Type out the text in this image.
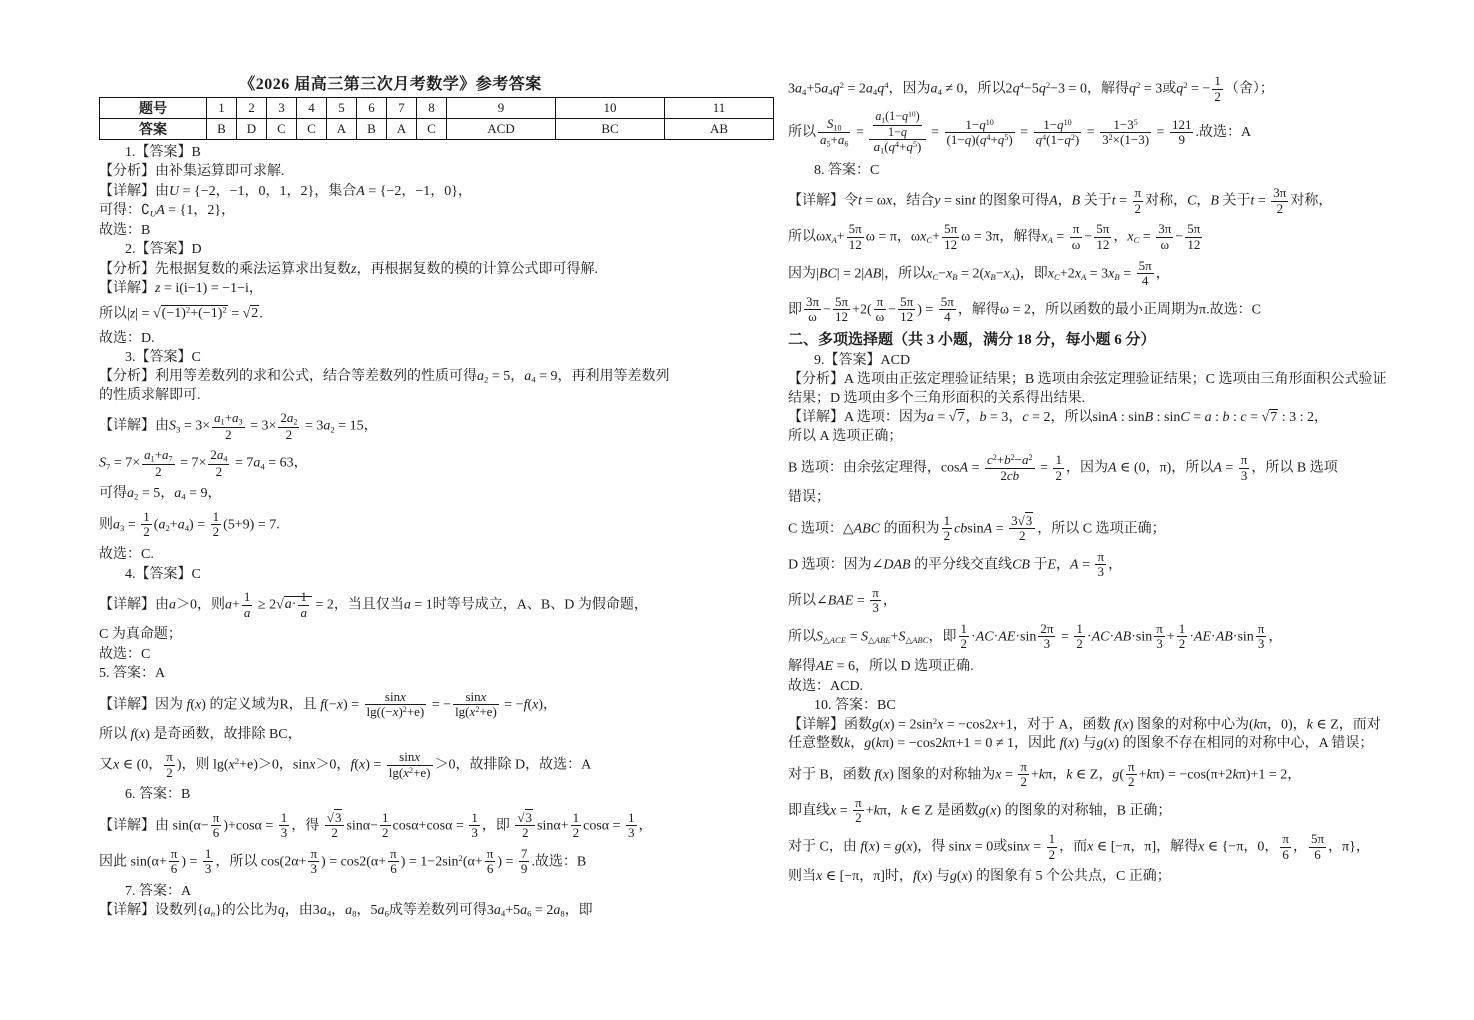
《2026 届高三第三次月考数学》参考答案
题号	1	2	3	4	5	6	7	8	9	10	11
答案	B	D	C	C	A	B	A	C	ACD	BC	AB
1.【答案】B
【分析】由补集运算即可求解.
【详解】由U = {−2，−1，0，1，2}，集合A = {−2，−1，0}，
可得：$∁_UA = \{1$，2}，
故选：B
2.【答案】D
【分析】先根据复数的乘法运算求出复数z，再根据复数的模的计算公式即可得解.
【详解】z = i(i−1) = −1−i，
所以$|z| = √(-1)^2+(-1)^2 = √2$.
故选：D.
3.【答案】C
【分析】利用等差数列的求和公式，结合等差数列的性质可得$a_2 = 5$，$a_4 = 9$，再利用等差数列的性质求解即可.
【详解】由$S_3 = 3\times \frac{a_1+a_3}{2} = 3\times \frac{2a_2}{2} = 3a_2 = 15$，
$S_7 = 7\times \frac{a_1+a_7}{2} = 7\times \frac{2a_4}{2} = 7a_4 = 63$，
可得$a_2 = 5$，$a_4 = 9$，
则$a_3 = \frac{1}{2} (a_2+a_4) = \frac{1}{2} (5+9) = 7$.
故选：C.
4.【答案】C
【详解】由a＞0，则$a+ \frac{1}{a} \ge 2√a\cdot \frac{1}{a} = 2$，当且仅当a = 1时等号成立，A、B、D 为假命题，
C 为真命题；
故选：C
5. 答案：A
【详解】因为 f(x) 的定义域为R，且 $f(-x) = \frac{\sin x}{\lg((-x)^2+e)}$ = − $\frac{\sin x}{\lg(x^2+e)} = -f(x)$，
所以 f(x) 是奇函数，故排除 BC，
又x ∈ (0， $\frac{\pi}{2}$ )，则 $\lg(x^2+e)>0$，sinx＞0，$f(x) = \frac{\sin x}{\lg(x^2+e)} >0$，故排除 D，故选：A
6. 答案：B
【详解】由 $\sin(\alpha- \frac{\pi}{6} )+\cos\alpha = \frac{1}{3}$ ，得 $\frac{√3}{2} \sin\alpha- \frac{1}{2} \cos\alpha+\cos\alpha = \frac{1}{3}$ ，即 $\frac{√3}{2} \sin\alpha+ \frac{1}{2}$ $\cos\alpha = \frac{1}{3}$ ，
因此 $\sin(\alpha+ \frac{\pi}{6}$ ) = $\frac{1}{3}$ ，所以 $\cos(2\alpha+ \frac{\pi}{3}$ ) = $\cos 2(\alpha+ \frac{\pi}{6}$ ) = $1-2\sin^2(\alpha+ \frac{\pi}{6}$ ) = $\frac{7}{9}$ .故选：B
7. 答案：A
【详解】设数列$\{a_n\}$的公比为q，由$3a_4$，$a_8$，$5a_6$成等差数列可得$3a_4+5a_6 = 2a_8$，即
$3a_4+5a_4q^2 = 2a_4q^4$，因为$a_4 \ne 0$，所以$2q^4-5q^2-3 = 0$，解得$q^2 = 3$或$q^2$ = − $\frac{1}{2}$ （舍）；
所以 $\frac{S_{10}}{a_5+a_6} = \frac{\frac{a_1(1-q^{10})}{1-q}}{a_1(q^4+q^5)} = \frac{1-q^{10}}{(1-q)(q^4+q^5)} = \frac{1-q^{10}}{q^4(1-q^2)} = \frac{1-3^5}{3^2\times(1-3)} = \frac{121}{9}$ .故选：A
8. 答案：C
【详解】令t = ωx，结合y = sint 的图象可得A，B 关于$t = \frac{\pi}{2}$ 对称，C，B 关于$t = \frac{3\pi}{2}$ 对称，
所以$\omega x_A+ \frac{5\pi}{12}$ ω = π，$\omega x_C+ \frac{5\pi}{12}$ ω = 3π，解得$x_A = \frac{\pi}{\omega} - \frac{5\pi}{12}$ ，$x_C = \frac{3\pi}{\omega} - \frac{5\pi}{12}$
因为|BC| = 2|AB|，所以$x_C-x_B = 2(x_B-x_A)$，即$x_C+2x_A = 3x_B = \frac{5\pi}{4}$ ，
即 $\frac{3\pi}{\omega} - \frac{5\pi}{12} +2( \frac{\pi}{\omega} - \frac{5\pi}{12}$ ) = $\frac{5\pi}{4}$ ，解得ω = 2，所以函数的最小正周期为π.故选：C
二、多项选择题（共 3 小题，满分 18 分，每小题 6 分）
9.【答案】ACD
【分析】A 选项由正弦定理验证结果；B 选项由余弦定理验证结果；C 选项由三角形面积公式验证结果；D 选项由多个三角形面积的关系得出结果.
【详解】A 选项：因为a = √7，b = 3，c = 2，所以sinA : sinB : sinC = a : b : c = √7 : 3 : 2，
所以 A 选项正确；
B 选项：由余弦定理得，$\cos A = \frac{c^2+b^2-a^2}{2cb} = \frac{1}{2}$ ，因为A ∈ (0，π)，所以$A = \frac{\pi}{3}$ ，所以 B 选项
错误；
C 选项：△ABC 的面积为 $\frac{1}{2}$ $cbsinA = \frac{3√3}{2}$ ，所以 C 选项正确；
D 选项：因为∠DAB 的平分线交直线CB 于E，$A = \frac{\pi}{3}$ ，
所以∠BAE = $\frac{\pi}{3}$ ，
所以$S_{\triangle ACE} = S_{\triangle ABE}+S_{\triangle ABC}$，即 $\frac{1}{2} \cdot AC\cdot AE\cdot\sin \frac{2\pi}{3} = \frac{1}{2} \cdot AC\cdot AB\cdot\sin \frac{\pi}{3} + \frac{1}{2} \cdot AE\cdot AB\cdot\sin \frac{\pi}{3}$ ，
解得AE = 6，所以 D 选项正确.
故选：ACD.
10. 答案：BC
【详解】函数$g(x) = 2\sin^2x = -\cos 2x+1$，对于 A，函数 f(x) 图象的对称中心为(kπ，0)，k ∈ Z，而对任意整数k，g(kπ) = −cos2kπ+1 = 0 ≠ 1，因此 f(x) 与g(x) 的图象不存在相同的对称中心，A 错误；
对于 B，函数 f(x) 图象的对称轴为$x = \frac{\pi}{2} +k\pi$，k ∈ Z，$g( \frac{\pi}{2} +k\pi) = -\cos(\pi+2k\pi)+1 = 2$，
即直线$x = \frac{\pi}{2} +k\pi$，k ∈ Z 是函数g(x) 的图象的对称轴，B 正确；
对于 C，由 f(x) = g(x)，得 sinx = 0或$\sin x = \frac{1}{2}$ ，而x ∈ [−π，π]，解得x ∈ {−π，0， $\frac{\pi}{6}$ ， $\frac{5\pi}{6}$ ，π}，
则当x ∈ [−π，π]时，f(x) 与g(x) 的图象有 5 个公共点，C 正确；
